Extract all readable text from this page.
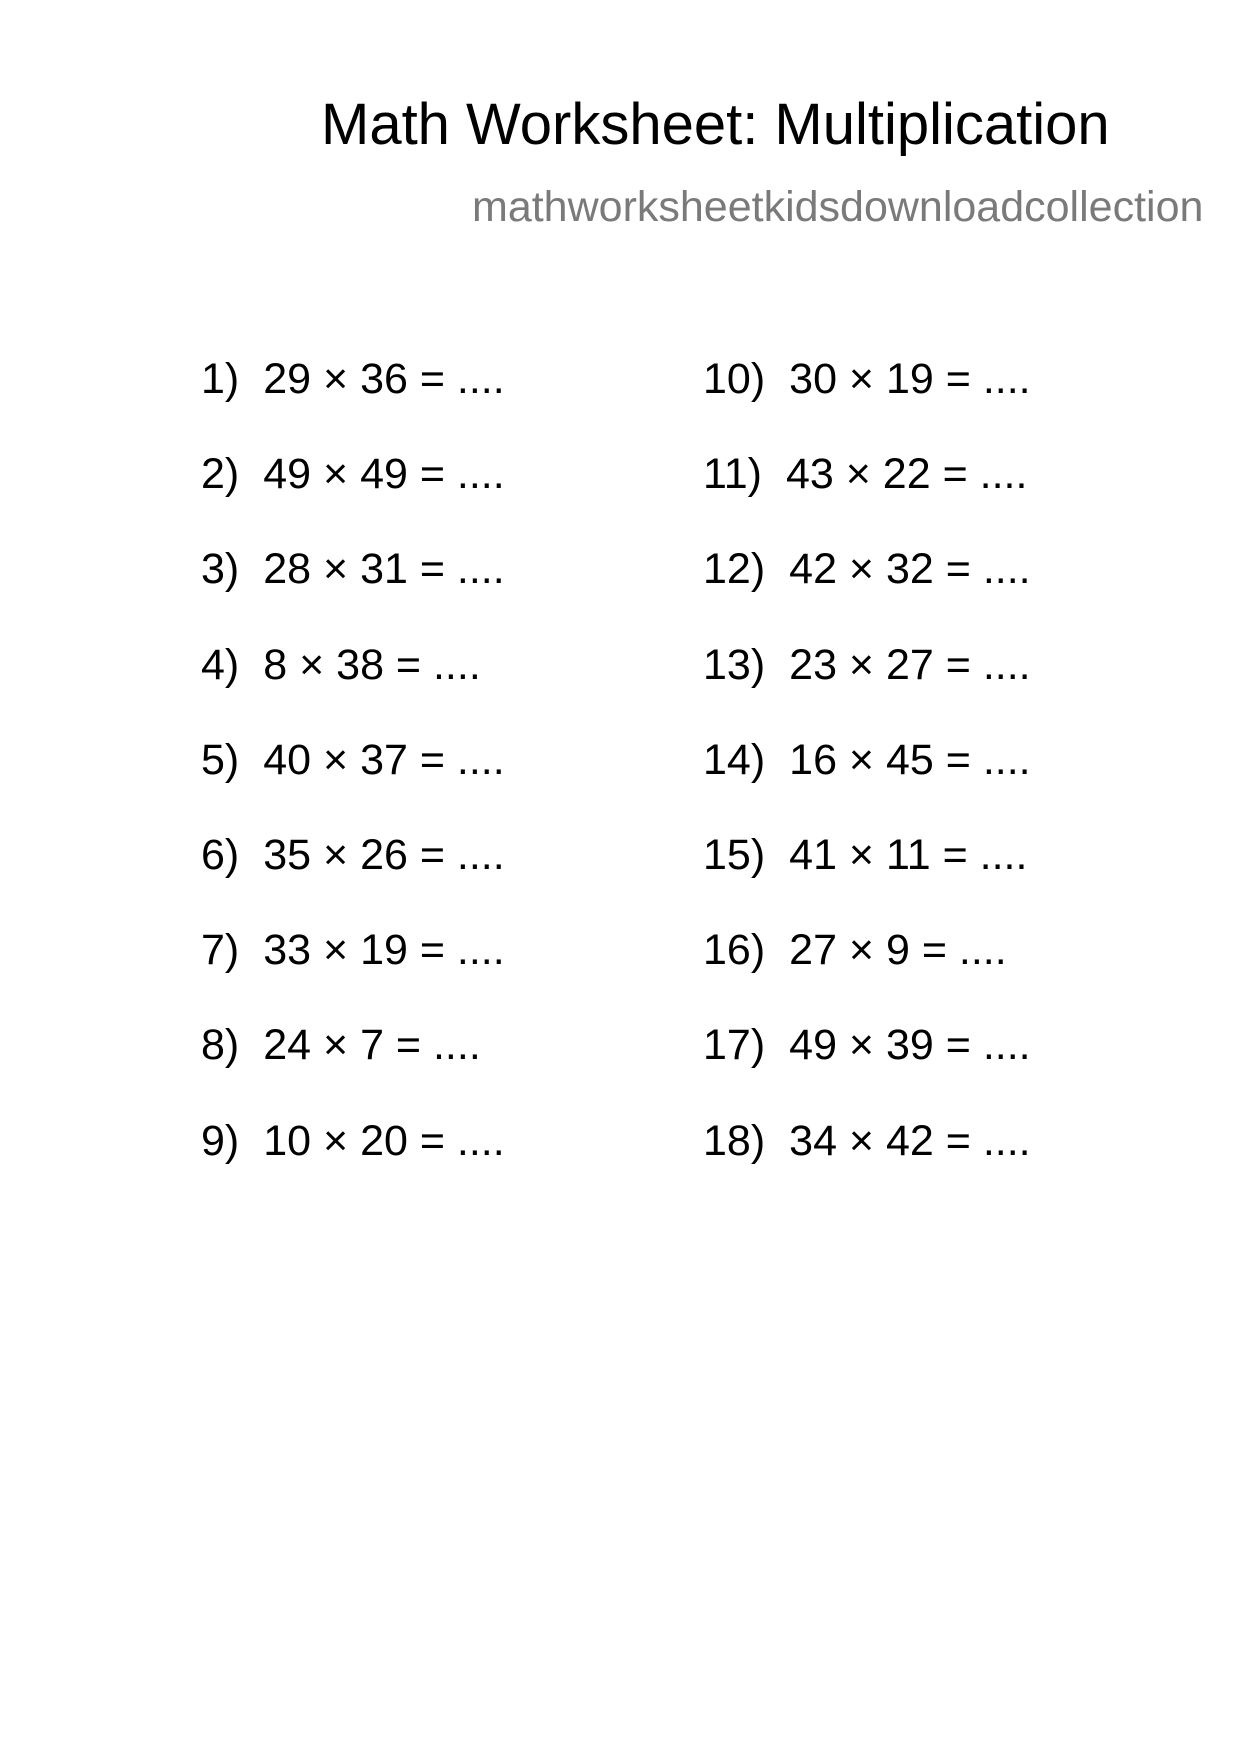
Math Worksheet: Multiplication
mathworksheetkidsdownloadcollection
1) 29 × 36 = ....
2) 49 × 49 = ....
3) 28 × 31 = ....
4) 8 × 38 = ....
5) 40 × 37 = ....
6) 35 × 26 = ....
7) 33 × 19 = ....
8) 24 × 7 = ....
9) 10 × 20 = ....
10) 30 × 19 = ....
11) 43 × 22 = ....
12) 42 × 32 = ....
13) 23 × 27 = ....
14) 16 × 45 = ....
15) 41 × 11 = ....
16) 27 × 9 = ....
17) 49 × 39 = ....
18) 34 × 42 = ....
